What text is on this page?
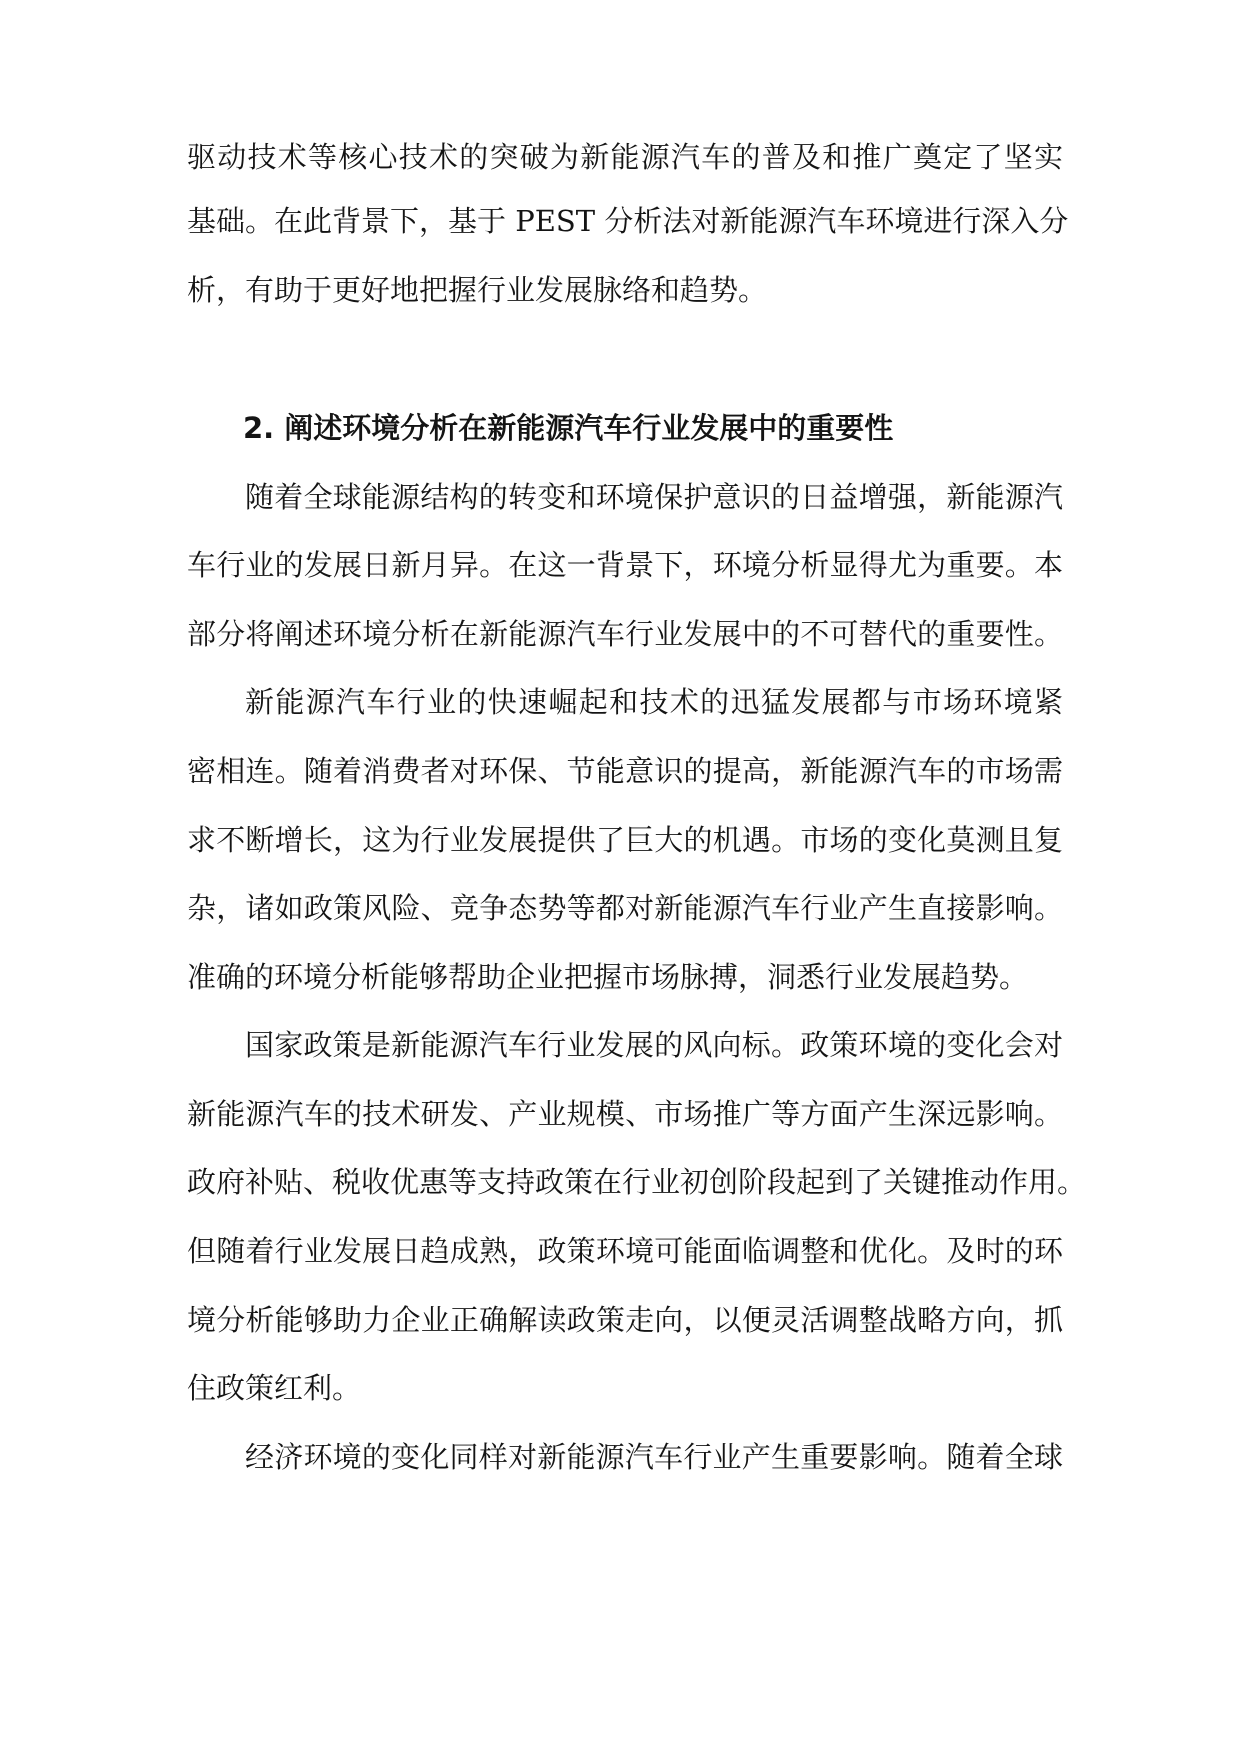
驱动技术等核心技术的突破为新能源汽车的普及和推广奠定了坚实
基础。在此背景下，基于 PEST 分析法对新能源汽车环境进行深入分
析，有助于更好地把握行业发展脉络和趋势。
2. 阐述环境分析在新能源汽车行业发展中的重要性
随着全球能源结构的转变和环境保护意识的日益增强，新能源汽
车行业的发展日新月异。在这一背景下，环境分析显得尤为重要。本
部分将阐述环境分析在新能源汽车行业发展中的不可替代的重要性。
新能源汽车行业的快速崛起和技术的迅猛发展都与市场环境紧
密相连。随着消费者对环保、节能意识的提高，新能源汽车的市场需
求不断增长，这为行业发展提供了巨大的机遇。市场的变化莫测且复
杂，诸如政策风险、竞争态势等都对新能源汽车行业产生直接影响。
准确的环境分析能够帮助企业把握市场脉搏，洞悉行业发展趋势。
国家政策是新能源汽车行业发展的风向标。政策环境的变化会对
新能源汽车的技术研发、产业规模、市场推广等方面产生深远影响。
政府补贴、税收优惠等支持政策在行业初创阶段起到了关键推动作用。
但随着行业发展日趋成熟，政策环境可能面临调整和优化。及时的环
境分析能够助力企业正确解读政策走向，以便灵活调整战略方向，抓
住政策红利。
经济环境的变化同样对新能源汽车行业产生重要影响。随着全球
